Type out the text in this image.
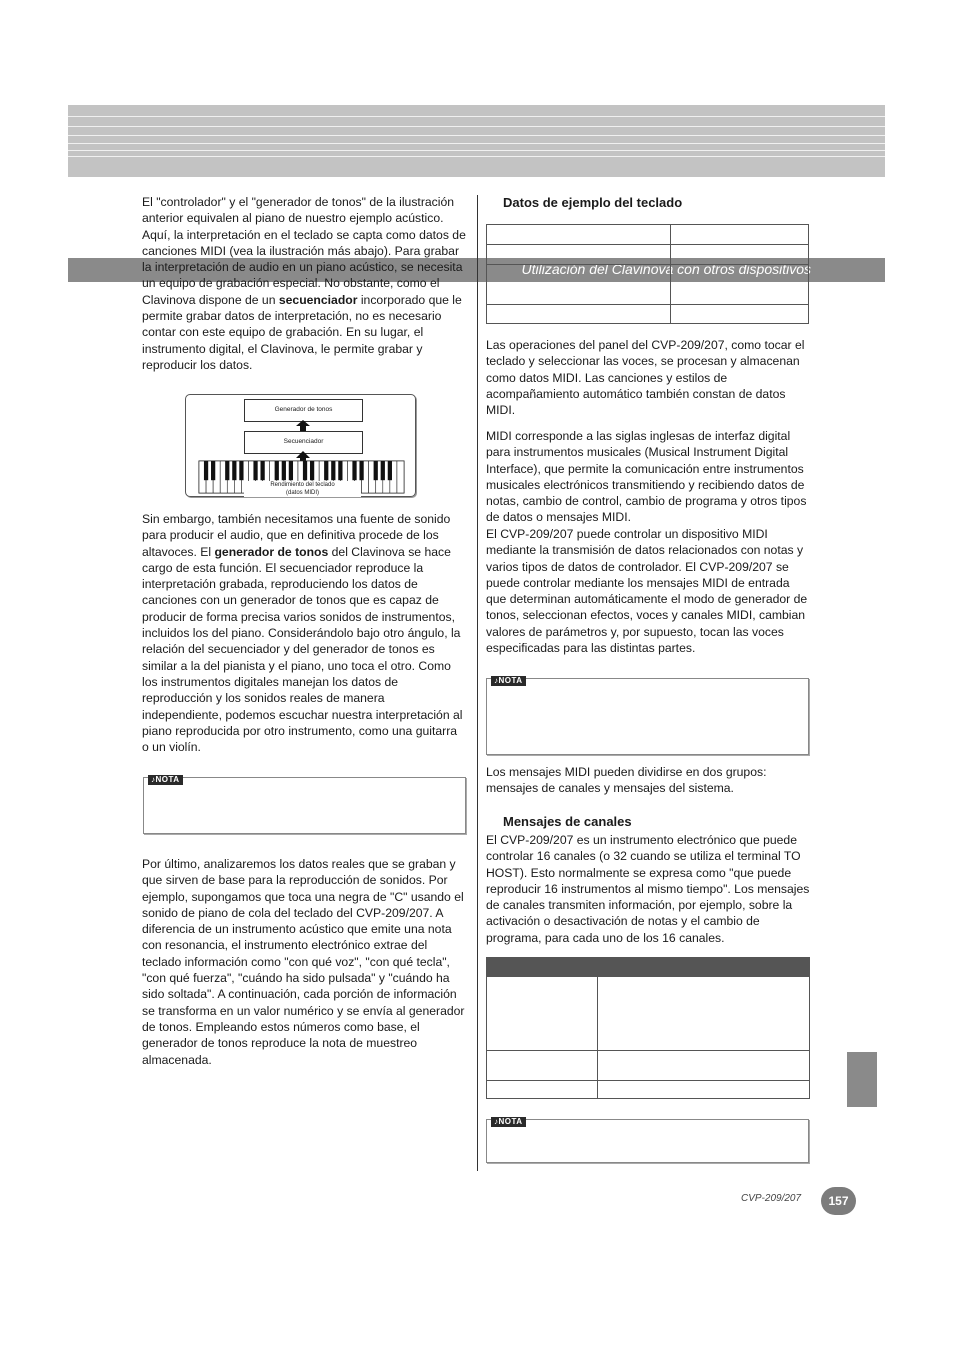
Utilización del Clavinova con otros dispositivos

El "controlador" y el "generador de tonos" de la ilustración anterior equivalen al piano de nuestro ejemplo acústico. Aquí, la interpretación en el teclado se capta como datos de canciones MIDI (vea la ilustración más abajo). Para grabar la interpretación de audio en un piano acústico, se necesita un equipo de grabación especial. No obstante, como el Clavinova dispone de un secuenciador incorporado que le permite grabar datos de interpretación, no es necesario contar con este equipo de grabación. En su lugar, el instrumento digital, el Clavinova, le permite grabar y reproducir los datos.

Generador de tonos
Secuenciador
Rendimiento del teclado
(datos MIDI)

Sin embargo, también necesitamos una fuente de sonido para producir el audio, que en definitiva procede de los altavoces. El generador de tonos del Clavinova se hace cargo de esta función. El secuenciador reproduce la interpretación grabada, reproduciendo los datos de canciones con un generador de tonos que es capaz de producir de forma precisa varios sonidos de instrumentos, incluidos los del piano. Considerándolo bajo otro ángulo, la relación del secuenciador y del generador de tonos es similar a la del pianista y el piano, uno toca el otro. Como los instrumentos digitales manejan los datos de reproducción y los sonidos reales de manera independiente, podemos escuchar nuestra interpretación al piano reproducida por otro instrumento, como una guitarra o un violín.

♪NOTA

Por último, analizaremos los datos reales que se graban y que sirven de base para la reproducción de sonidos. Por ejemplo, supongamos que toca una negra de "C" usando el sonido de piano de cola del teclado del CVP-209/207. A diferencia de un instrumento acústico que emite una nota con resonancia, el instrumento electrónico extrae del teclado información como "con qué voz", "con qué tecla", "con qué fuerza", "cuándo ha sido pulsada" y "cuándo ha sido soltada". A continuación, cada porción de información se transforma en un valor numérico y se envía al generador de tonos. Empleando estos números como base, el generador de tonos reproduce la nota de muestreo almacenada.

Datos de ejemplo del teclado

Las operaciones del panel del CVP-209/207, como tocar el teclado y seleccionar las voces, se procesan y almacenan como datos MIDI. Las canciones y estilos de acompañamiento automático también constan de datos MIDI.

MIDI corresponde a las siglas inglesas de interfaz digital para instrumentos musicales (Musical Instrument Digital Interface), que permite la comunicación entre instrumentos musicales electrónicos transmitiendo y recibiendo datos de notas, cambio de control, cambio de programa y otros tipos de datos o mensajes MIDI.

El CVP-209/207 puede controlar un dispositivo MIDI mediante la transmisión de datos relacionados con notas y varios tipos de datos de controlador. El CVP-209/207 se puede controlar mediante los mensajes MIDI de entrada que determinan automáticamente el modo de generador de tonos, seleccionan efectos, voces y canales MIDI, cambian valores de parámetros y, por supuesto, tocan las voces especificadas para las distintas partes.

♪NOTA

Los mensajes MIDI pueden dividirse en dos grupos: mensajes de canales y mensajes del sistema.

Mensajes de canales

El CVP-209/207 es un instrumento electrónico que puede controlar 16 canales (o 32 cuando se utiliza el terminal TO HOST). Esto normalmente se expresa como "que puede reproducir 16 instrumentos al mismo tiempo". Los mensajes de canales transmiten información, por ejemplo, sobre la activación o desactivación de notas y el cambio de programa, para cada uno de los 16 canales.

♪NOTA
CVP-209/207	157
